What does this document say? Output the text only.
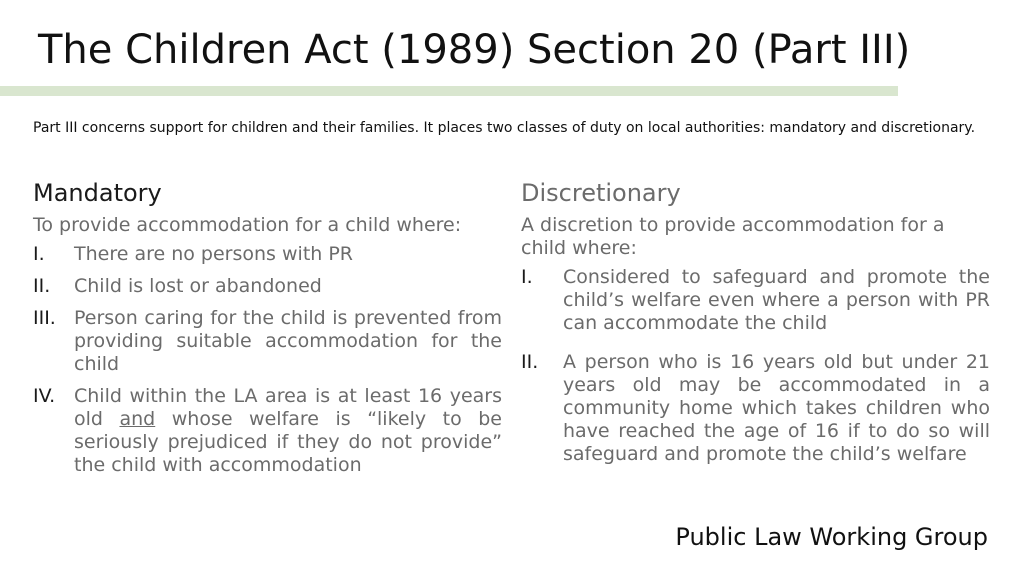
The Children Act (1989) Section 20 (Part III)
Part III concerns support for children and their families. It places two classes of duty on local authorities: mandatory and discretionary.
Mandatory
To provide accommodation for a child where:
I. There are no persons with PR
II. Child is lost or abandoned
III. Person caring for the child is prevented from providing suitable accommodation for the child
IV. Child within the LA area is at least 16 years old and whose welfare is “likely to be seriously prejudiced if they do not provide” the child with accommodation
Discretionary
A discretion to provide accommodation for a child where:
I. Considered to safeguard and promote the child’s welfare even where a person with PR can accommodate the child
II. A person who is 16 years old but under 21 years old may be accommodated in a community home which takes children who have reached the age of 16 if to do so will safeguard and promote the child’s welfare
Public Law Working Group
